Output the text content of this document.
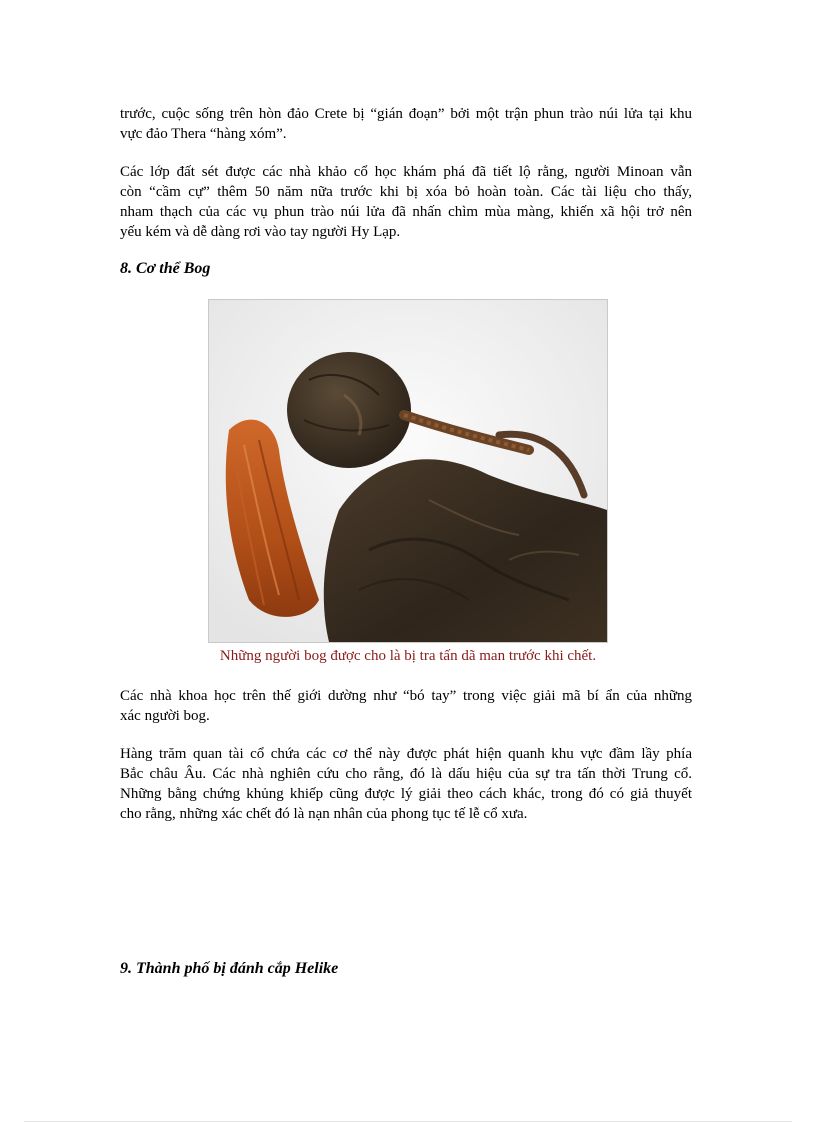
trước, cuộc sống trên hòn đảo Crete bị “gián đoạn” bởi một trận phun trào núi lửa tại khu
vực đảo Thera “hàng xóm”.

Các lớp đất sét được các nhà khảo cổ học khám phá đã tiết lộ rằng, người Minoan vẫn
còn “cầm cự” thêm 50 năm nữa trước khi bị xóa bỏ hoàn toàn. Các tài liệu cho thấy,
nham thạch của các vụ phun trào núi lửa đã nhấn chìm mùa màng, khiến xã hội trở nên
yếu kém và dễ dàng rơi vào tay người Hy Lạp.

8. Cơ thể Bog

Những người bog được cho là bị tra tấn dã man trước khi chết.

Các nhà khoa học trên thế giới dường như “bó tay” trong việc giải mã bí ẩn của những
xác người bog.

Hàng trăm quan tài cổ chứa các cơ thể này được phát hiện quanh khu vực đầm lầy phía
Bắc châu Âu. Các nhà nghiên cứu cho rằng, đó là dấu hiệu của sự tra tấn thời Trung cổ.
Những bằng chứng khủng khiếp cũng được lý giải theo cách khác, trong đó có giả thuyết
cho rằng, những xác chết đó là nạn nhân của phong tục tế lễ cổ xưa.

9. Thành phố bị đánh cắp Helike
